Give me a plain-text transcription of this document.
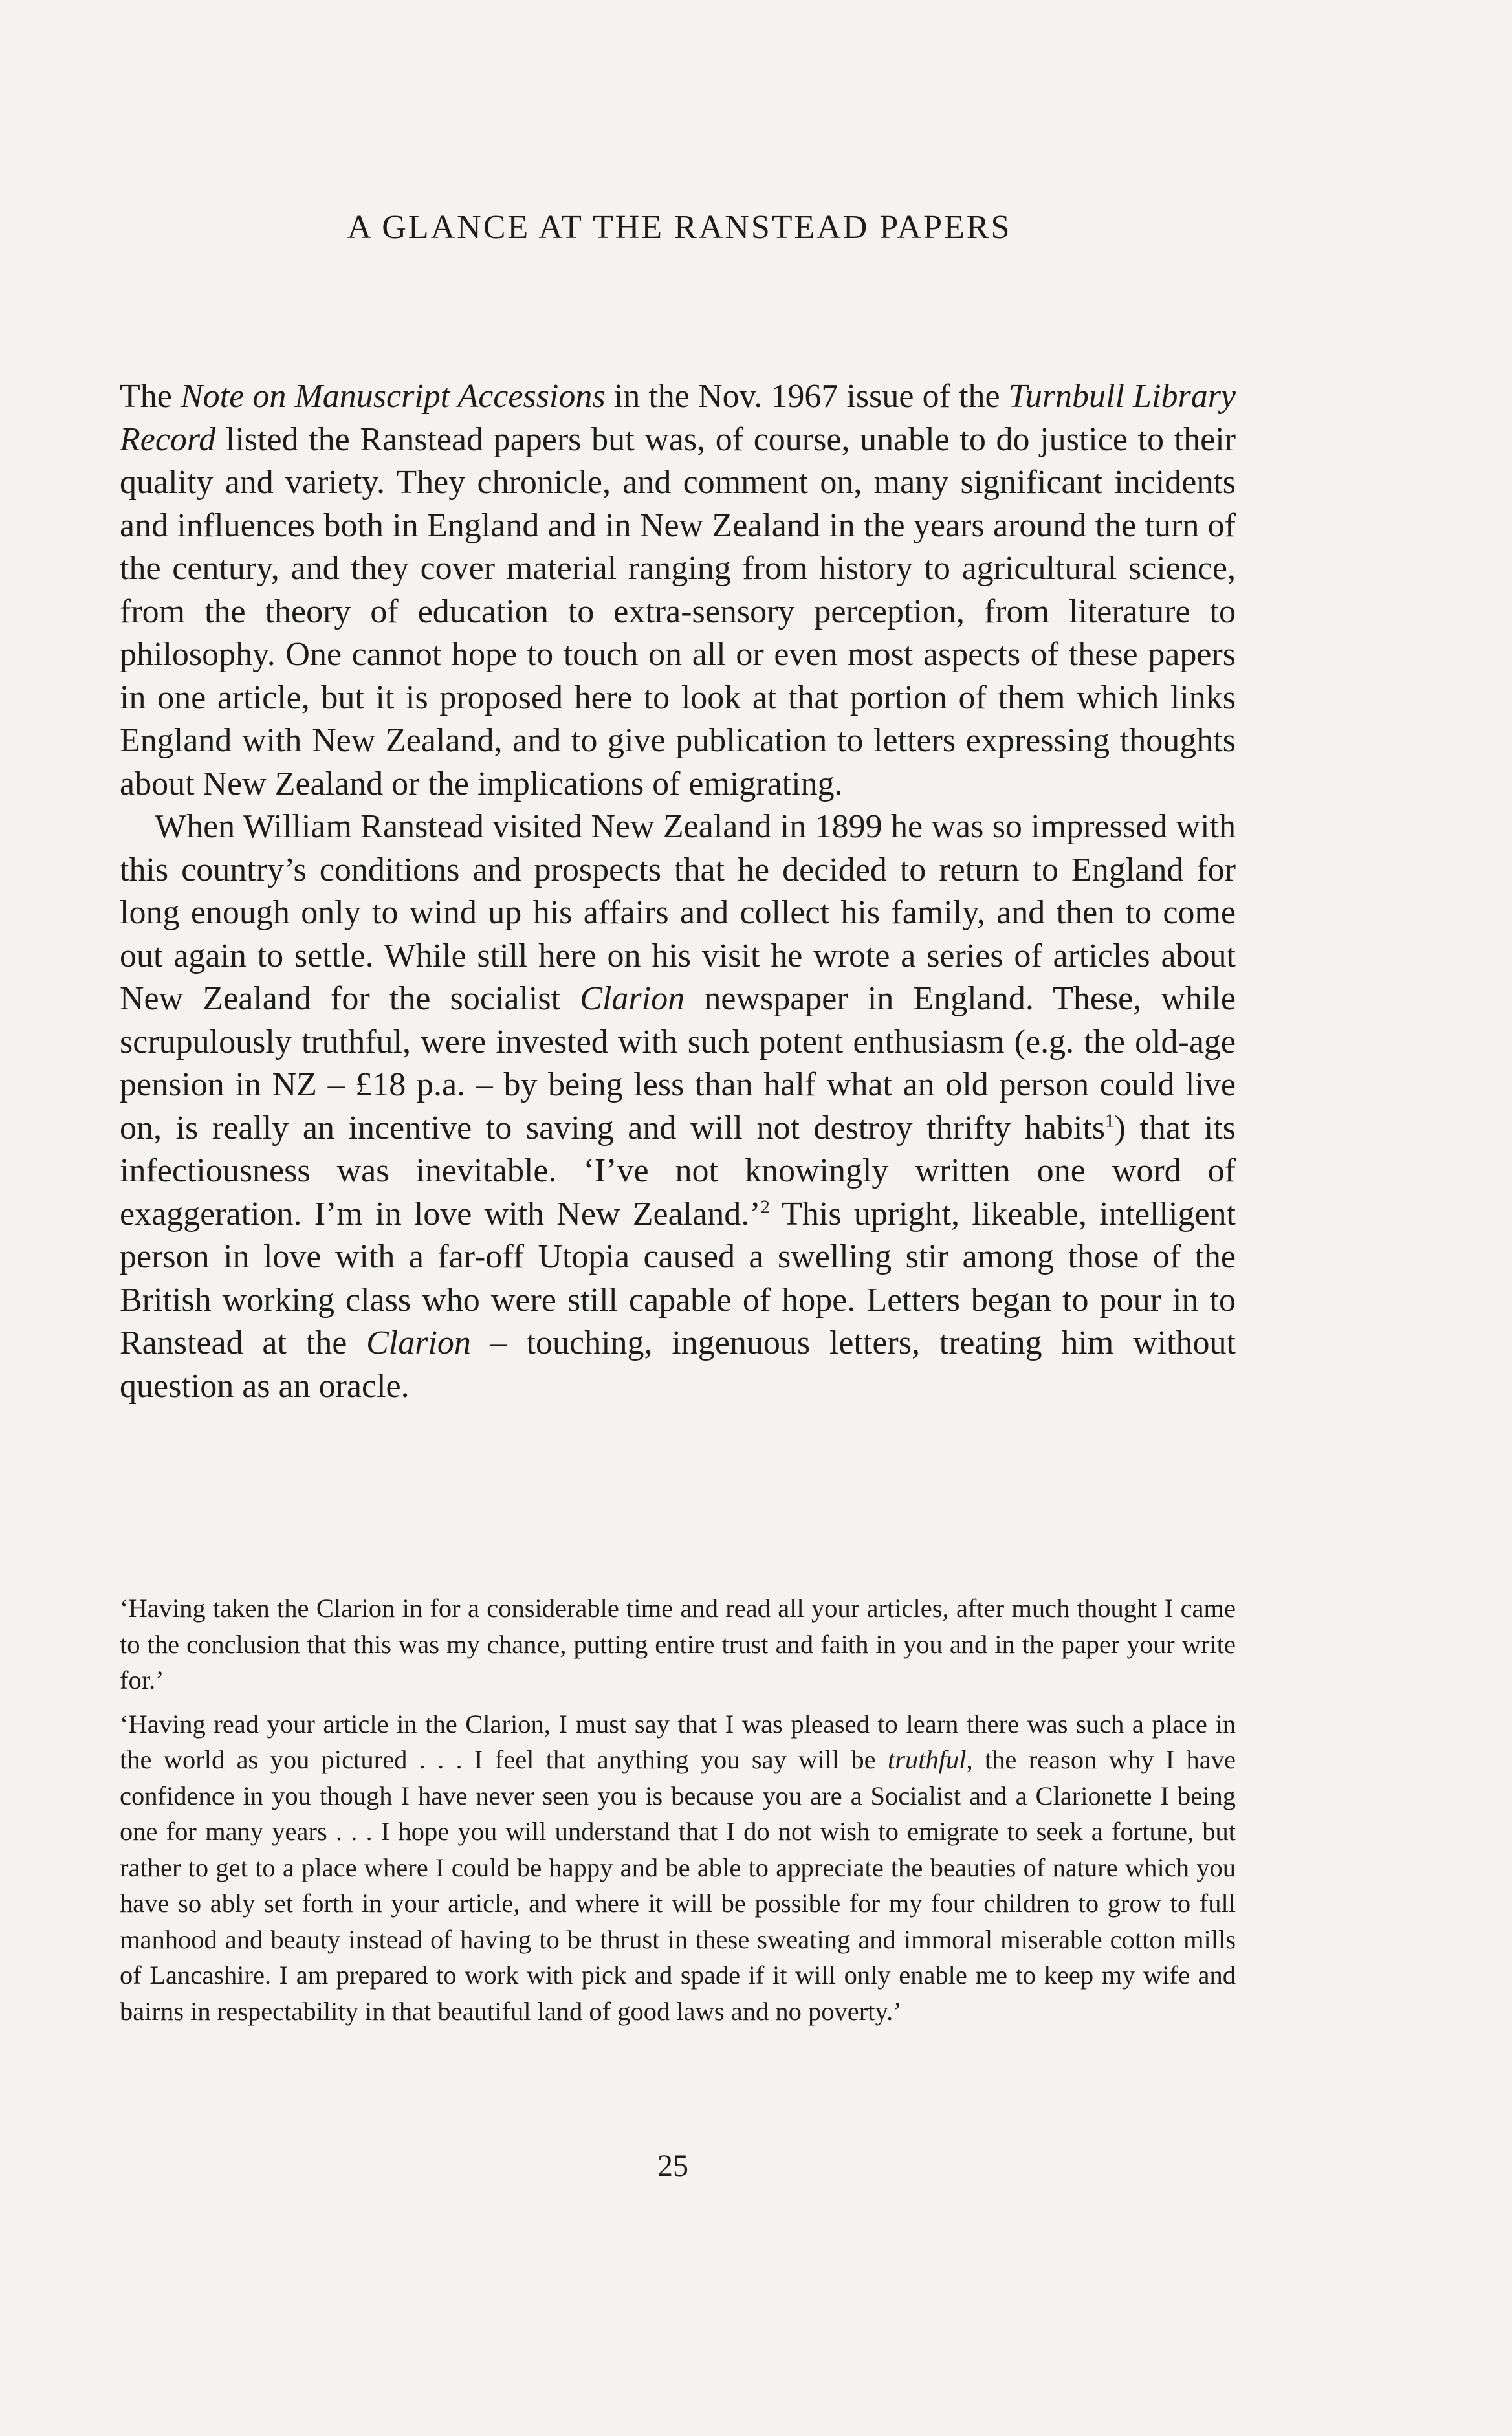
A GLANCE AT THE RANSTEAD PAPERS

The Note on Manuscript Accessions in the Nov. 1967 issue of the Turnbull Library Record listed the Ranstead papers but was, of course, unable to do justice to their quality and variety. They chronicle, and comment on, many significant incidents and influences both in England and in New Zealand in the years around the turn of the century, and they cover material ranging from history to agricultural science, from the theory of education to extra-sensory perception, from literature to philosophy. One cannot hope to touch on all or even most aspects of these papers in one article, but it is proposed here to look at that portion of them which links England with New Zealand, and to give publication to letters expressing thoughts about New Zealand or the implications of emigrating.

When William Ranstead visited New Zealand in 1899 he was so impressed with this country’s conditions and prospects that he decided to return to England for long enough only to wind up his affairs and collect his family, and then to come out again to settle. While still here on his visit he wrote a series of articles about New Zealand for the socialist Clarion newspaper in England. These, while scrupulously truthful, were invested with such potent enthusiasm (e.g. the old-age pension in NZ – £18 p.a. – by being less than half what an old person could live on, is really an incentive to saving and will not destroy thrifty habits$^1$) that its infectiousness was inevitable. ‘I’ve not knowingly written one word of exaggeration. I’m in love with New Zealand.’$^2$ This upright, likeable, intelligent person in love with a far-off Utopia caused a swelling stir among those of the British working class who were still capable of hope. Letters began to pour in to Ranstead at the Clarion – touching, ingenuous letters, treating him without question as an oracle.

‘Having taken the Clarion in for a considerable time and read all your articles, after much thought I came to the conclusion that this was my chance, putting entire trust and faith in you and in the paper your write for.’

‘Having read your article in the Clarion, I must say that I was pleased to learn there was such a place in the world as you pictured . . . I feel that anything you say will be truthful, the reason why I have confidence in you though I have never seen you is because you are a Socialist and a Clarionette I being one for many years . . . I hope you will understand that I do not wish to emigrate to seek a fortune, but rather to get to a place where I could be happy and be able to appreciate the beauties of nature which you have so ably set forth in your article, and where it will be possible for my four children to grow to full manhood and beauty instead of having to be thrust in these sweating and immoral miserable cotton mills of Lancashire. I am prepared to work with pick and spade if it will only enable me to keep my wife and bairns in respectability in that beautiful land of good laws and no poverty.’

25
